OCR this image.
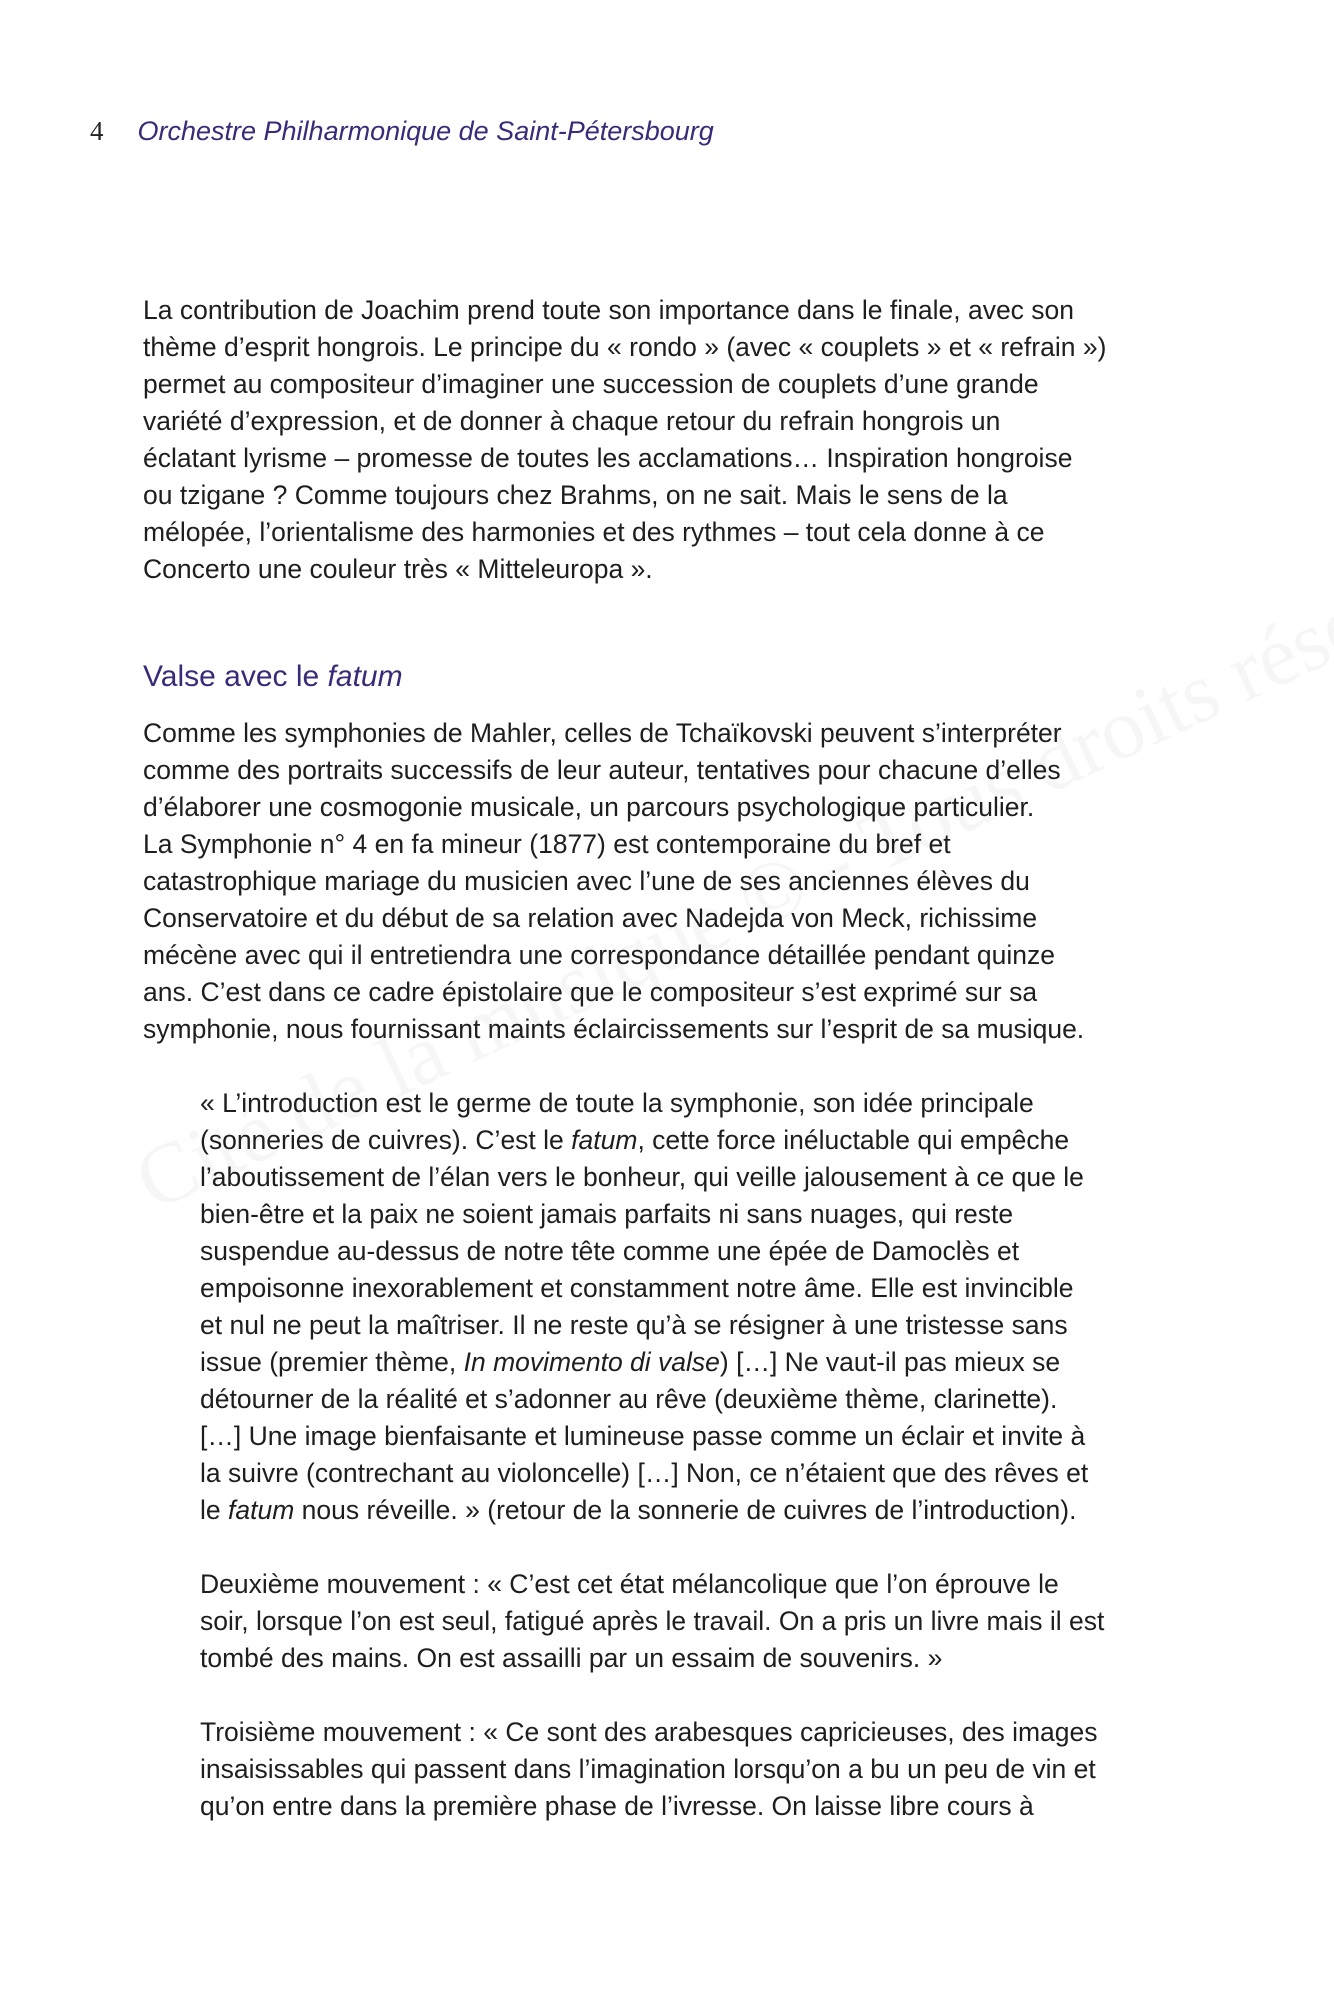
4 Orchestre Philharmonique de Saint-Pétersbourg
La contribution de Joachim prend toute son importance dans le finale, avec son
thème d’esprit hongrois. Le principe du « rondo » (avec « couplets » et « refrain »)
permet au compositeur d’imaginer une succession de couplets d’une grande
variété d’expression, et de donner à chaque retour du refrain hongrois un
éclatant lyrisme – promesse de toutes les acclamations… Inspiration hongroise
ou tzigane ? Comme toujours chez Brahms, on ne sait. Mais le sens de la
mélopée, l’orientalisme des harmonies et des rythmes – tout cela donne à ce
Concerto une couleur très « Mitteleuropa ».
Valse avec le fatum
Comme les symphonies de Mahler, celles de Tchaïkovski peuvent s’interpréter
comme des portraits successifs de leur auteur, tentatives pour chacune d’elles
d’élaborer une cosmogonie musicale, un parcours psychologique particulier.
La Symphonie n° 4 en fa mineur (1877) est contemporaine du bref et
catastrophique mariage du musicien avec l’une de ses anciennes élèves du
Conservatoire et du début de sa relation avec Nadejda von Meck, richissime
mécène avec qui il entretiendra une correspondance détaillée pendant quinze
ans. C’est dans ce cadre épistolaire que le compositeur s’est exprimé sur sa
symphonie, nous fournissant maints éclaircissements sur l’esprit de sa musique.
« L’introduction est le germe de toute la symphonie, son idée principale
(sonneries de cuivres). C’est le fatum, cette force inéluctable qui empêche
l’aboutissement de l’élan vers le bonheur, qui veille jalousement à ce que le
bien-être et la paix ne soient jamais parfaits ni sans nuages, qui reste
suspendue au-dessus de notre tête comme une épée de Damoclès et
empoisonne inexorablement et constamment notre âme. Elle est invincible
et nul ne peut la maîtriser. Il ne reste qu’à se résigner à une tristesse sans
issue (premier thème, In movimento di valse) […] Ne vaut-il pas mieux se
détourner de la réalité et s’adonner au rêve (deuxième thème, clarinette).
[…] Une image bienfaisante et lumineuse passe comme un éclair et invite à
la suivre (contrechant au violoncelle) […] Non, ce n’étaient que des rêves et
le fatum nous réveille. » (retour de la sonnerie de cuivres de l’introduction).
Deuxième mouvement : « C’est cet état mélancolique que l’on éprouve le
soir, lorsque l’on est seul, fatigué après le travail. On a pris un livre mais il est
tombé des mains. On est assailli par un essaim de souvenirs. »
Troisième mouvement : « Ce sont des arabesques capricieuses, des images
insaisissables qui passent dans l’imagination lorsqu’on a bu un peu de vin et
qu’on entre dans la première phase de l’ivresse. On laisse libre cours à
